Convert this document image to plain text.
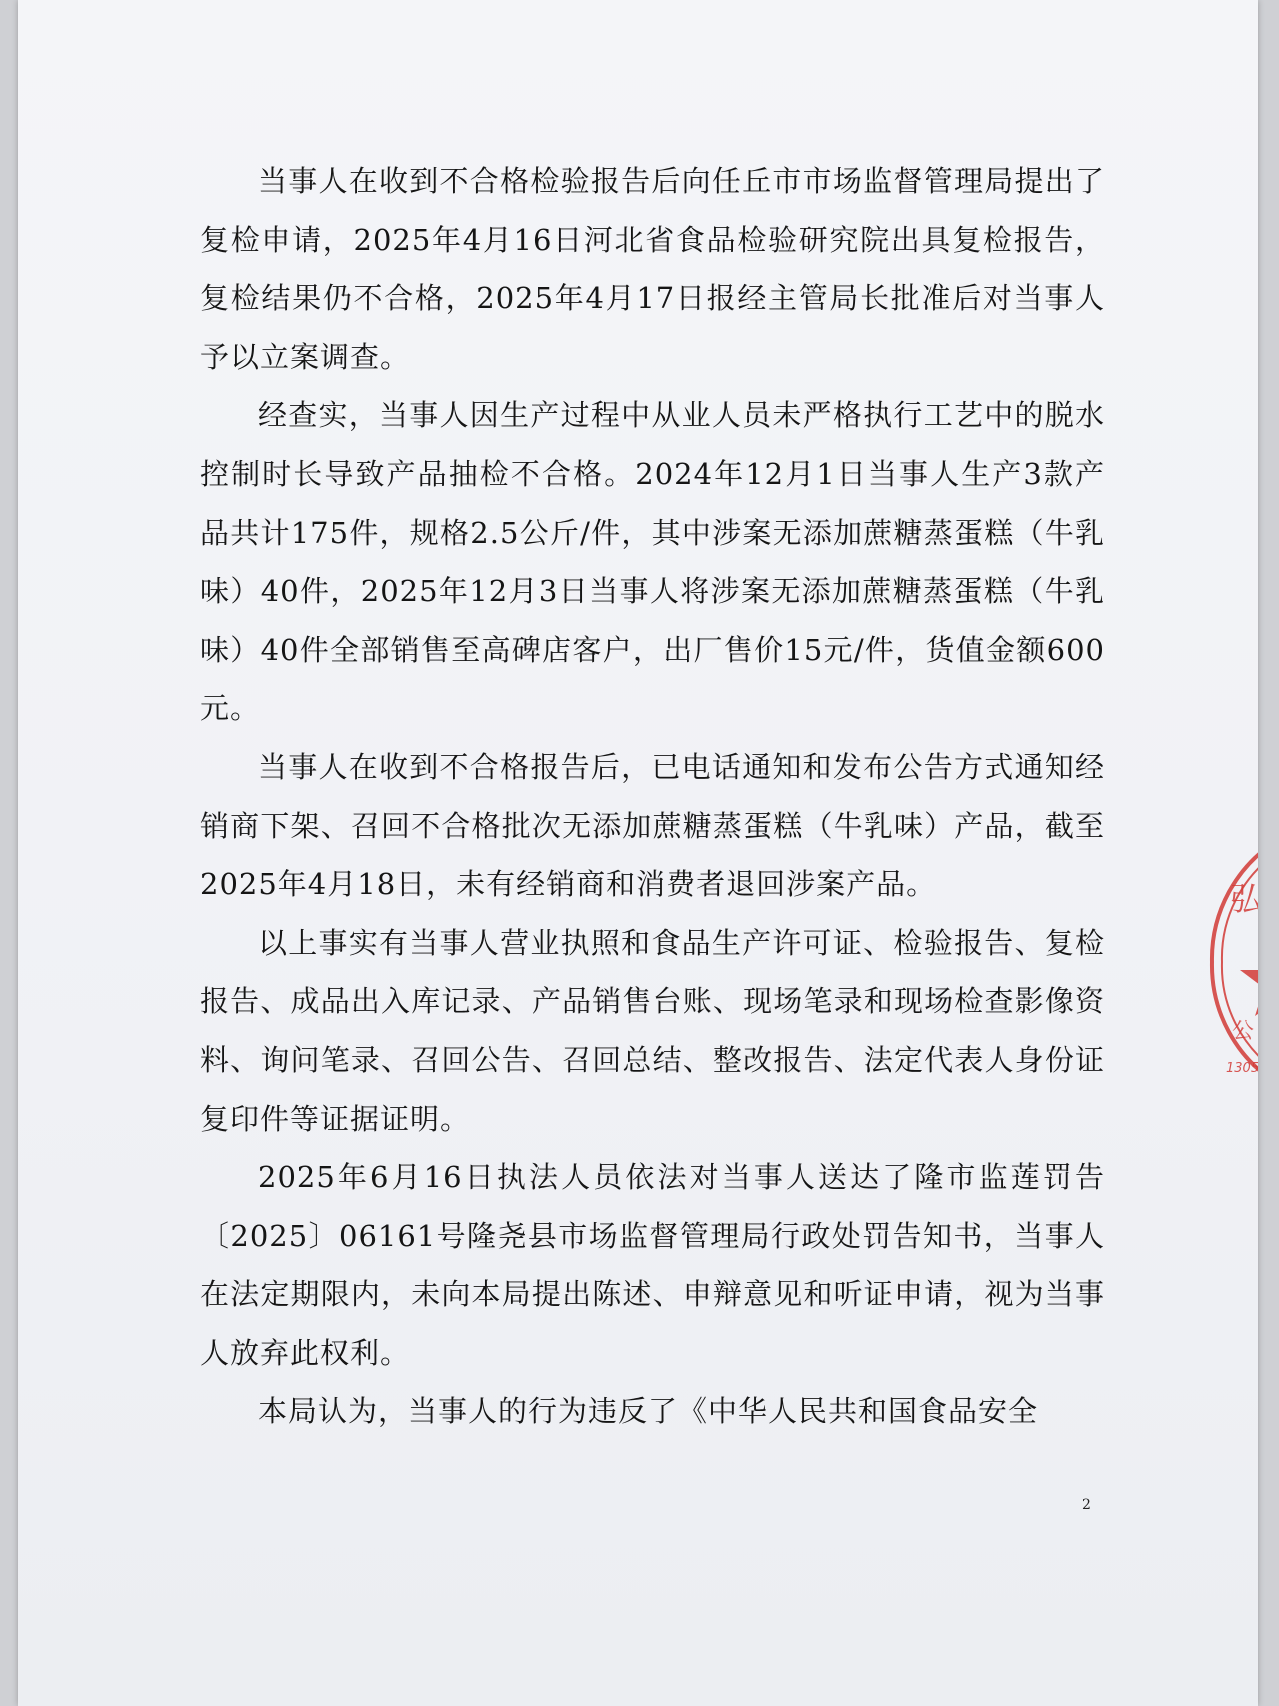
当事人在收到不合格检验报告后向任丘市市场监督管理局提出了复检申请，2025年4月16日河北省食品检验研究院出具复检报告，复检结果仍不合格，2025年4月17日报经主管局长批准后对当事人予以立案调查。

经查实，当事人因生产过程中从业人员未严格执行工艺中的脱水控制时长导致产品抽检不合格。2024年12月1日当事人生产3款产品共计175件，规格2.5公斤/件，其中涉案无添加蔗糖蒸蛋糕（牛乳味）40件，2025年12月3日当事人将涉案无添加蔗糖蒸蛋糕（牛乳味）40件全部销售至高碑店客户，出厂售价15元/件，货值金额600元。

当事人在收到不合格报告后，已电话通知和发布公告方式通知经销商下架、召回不合格批次无添加蔗糖蒸蛋糕（牛乳味）产品，截至2025年4月18日，未有经销商和消费者退回涉案产品。

以上事实有当事人营业执照和食品生产许可证、检验报告、复检报告、成品出入库记录、产品销售台账、现场笔录和现场检查影像资料、询问笔录、召回公告、召回总结、整改报告、法定代表人身份证复印件等证据证明。

2025年6月16日执法人员依法对当事人送达了隆市监莲罚告〔2025〕06161号隆尧县市场监督管理局行政处罚告知书，当事人在法定期限内，未向本局提出陈述、申辩意见和听证申请，视为当事人放弃此权利。

本局认为，当事人的行为违反了《中华人民共和国食品安全

2
弘
公
1305
